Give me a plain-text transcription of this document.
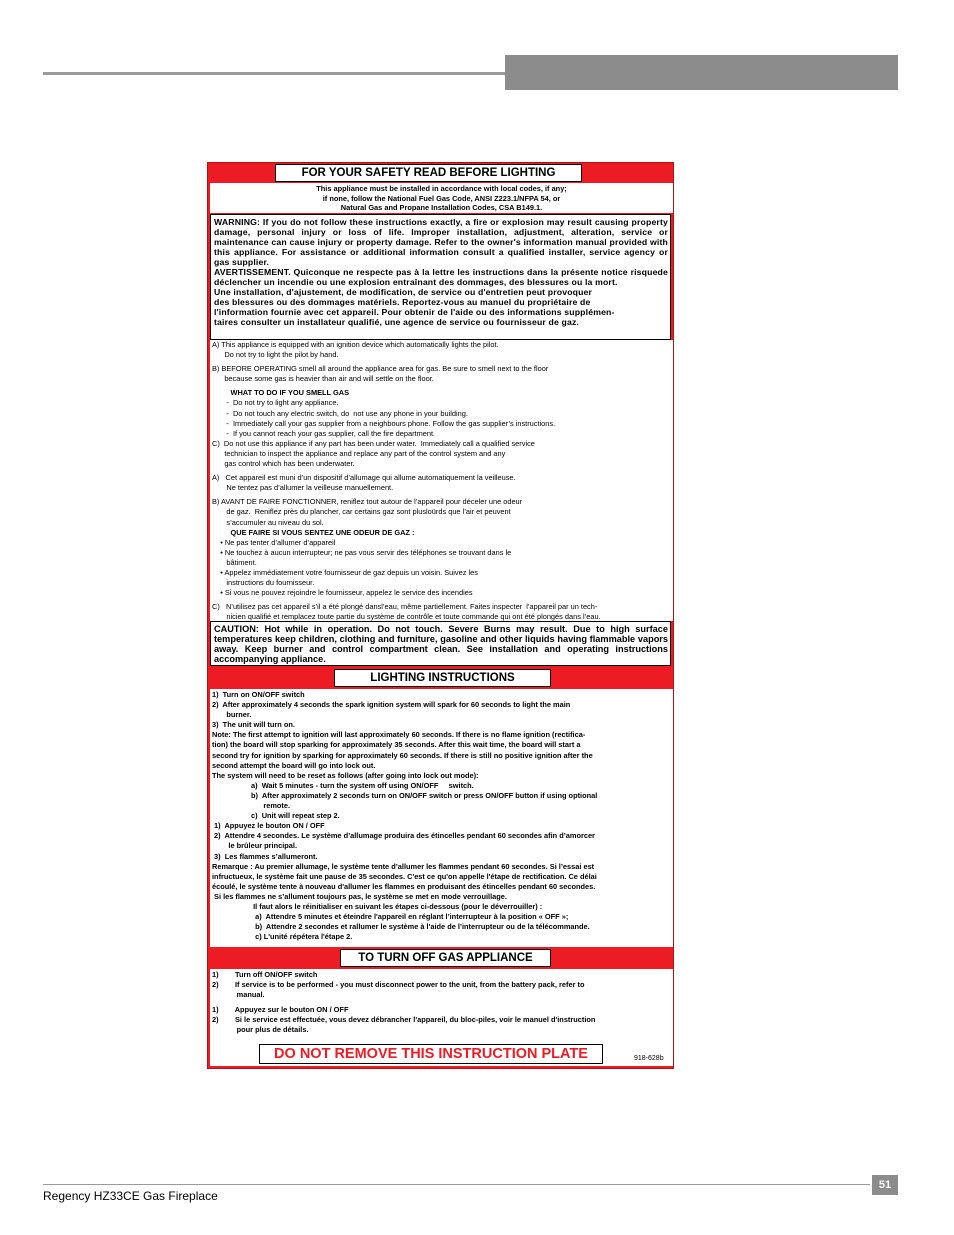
FOR YOUR SAFETY READ BEFORE LIGHTING
This appliance must be installed in accordance with local codes, if any;
if none, follow the National Fuel Gas Code, ANSI Z223.1/NFPA 54, or
Natural Gas and Propane Installation Codes, CSA B149.1.
WARNING: If you do not follow these instructions exactly, a fire or explosion may result causing property damage, personal injury or loss of life. Improper installation, adjustment, alteration, service or maintenance can cause injury or property damage. Refer to the owner's information manual provided with this appliance. For assistance or additional information consult a qualified installer, service agency or gas supplier.
AVERTISSEMENT. Quiconque ne respecte pas à la lettre les instructions dans la présente notice risquede déclencher un incendie ou une explosion entraînant des dommages, des blessures ou la mort.
Une installation, d'ajustement, de modification, de service ou d'entretien peut provoquer
des blessures ou des dommages matériels. Reportez-vous au manuel du propriétaire de
l'information fournie avec cet appareil. Pour obtenir de l'aide ou des informations supplémen-
taires consulter un installateur qualifié, une agence de service ou fournisseur de gaz.
A) This appliance is equipped with an ignition device which automatically lights the pilot.
Do not try to light the pilot by hand.
B) BEFORE OPERATING smell all around the appliance area for gas. Be sure to smell next to the floor
because some gas is heavier than air and will settle on the floor.
WHAT TO DO IF YOU SMELL GAS
-  Do not try to light any appliance.
-  Do not touch any electric switch, do  not use any phone in your building.
-  Immediately call your gas supplier from a neighbours phone. Follow the gas supplier’s instructions.
-  If you cannot reach your gas supplier, call the fire department.
C)  Do not use this appliance if any part has been under water.  Immediately call a qualified service
technician to inspect the appliance and replace any part of the control system and any
gas control which has been underwater.
A)   Cet appareil est muni d’un dispositif d’allumage qui allume automatiquement la veilleuse.
Ne tentez pas d’allumer la veilleuse manuellement.
B) AVANT DE FAIRE FONCTIONNER, reniflez tout autour de l’appareil pour déceler une odeur
de gaz.  Reniflez près du plancher, car certains gaz sont plusloürds que l’air et peuvent
s’accumuler au niveau du sol.
QUE FAIRE SI VOUS SENTEZ UNE ODEUR DE GAZ :
• Ne pas tenter d’allumer d’appareil
• Ne touchez à aucun interrupteur; ne pas vous servir des téléphones se trouvant dans le
bâtiment.
• Appelez immédiatement votre fournisseur de gaz depuis un voisin. Suivez les
instructions du fournisseur.
• Si vous ne pouvez rejoindre le fournisseur, appelez le service des incendies
C)   N’utilisez pas cet appareil s’il a été plongé dansl’eau, même partiellement. Faites inspecter  l’appareil par un tech-
nicien qualifié et remplacez toute partie du système de contrôle et toute commande qui ont été plongés dans l’eau.
CAUTION: Hot while in operation. Do not touch. Severe Burns may result. Due to high surface temperatures keep children, clothing and furniture, gasoline and other liquids having flammable vapors away. Keep burner and control compartment clean. See installation and operating instructions accompanying appliance.
LIGHTING INSTRUCTIONS
1)  Turn on ON/OFF switch
2)  After approximately 4 seconds the spark ignition system will spark for 60 seconds to light the main
burner.
3)  The unit will turn on.
Note: The first attempt to ignition will last approximately 60 seconds. If there is no flame ignition (rectifica-
tion) the board will stop sparking for approximately 35 seconds. After this wait time, the board will start a
second try for ignition by sparking for approximately 60 seconds. If there is still no positive ignition after the
second attempt the board will go into lock out.
The system will need to be reset as follows (after going into lock out mode):
a)  Wait 5 minutes - turn the system off using ON/OFF     switch.
b)  After approximately 2 seconds turn on ON/OFF switch or press ON/OFF button if using optional
remote.
c)  Unit will repeat step 2.
1)  Appuyez le bouton ON / OFF
2)  Attendre 4 secondes. Le système d’allumage produira des étincelles pendant 60 secondes afin d’amorcer
le brûleur principal.
3)  Les flammes s’allumeront.
Remarque : Au premier allumage, le système tente d’allumer les flammes pendant 60 secondes. Si l’essai est
infructueux, le système fait une pause de 35 secondes. C'est ce qu'on appelle l'étape de rectification. Ce délai
écoulé, le système tente à nouveau d'allumer les flammes en produisant des étincelles pendant 60 secondes.
Si les flammes ne s’allument toujours pas, le système se met en mode verrouillage.
Il faut alors le réinitialiser en suivant les étapes ci-dessous (pour le déverrouiller) :
a)  Attendre 5 minutes et éteindre l'appareil en réglant l’interrupteur à la position « OFF »;
b)  Attendre 2 secondes et rallumer le système à l'aide de l’interrupteur ou de la télécommande.
c) L'unité répétera l'étape 2.
TO TURN OFF GAS APPLIANCE
1)        Turn off ON/OFF switch
2)        If service is to be performed - you must disconnect power to the unit, from the battery pack, refer to
manual.
1)        Appuyez sur le bouton ON / OFF
2)        Si le service est effectuée, vous devez débrancher l'appareil, du bloc-piles, voir le manuel d'instruction
pour plus de détails.
DO NOT REMOVE THIS INSTRUCTION PLATE	918-628b
51
Regency HZ33CE Gas Fireplace
